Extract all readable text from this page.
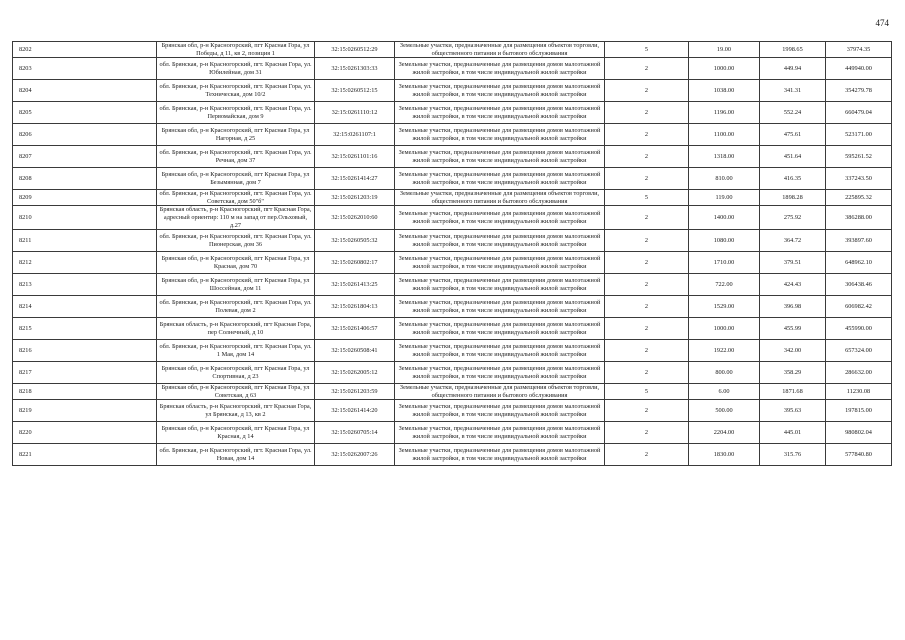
474
8202	Брянская обл, р-н Красногорский, пгт Красная Гора, ул Победы, д 11, кв 2, позиция 1	32:15:0260512:29	Земельные участки, предназначенные для размещения объектов торговли, общественного питания и бытового обслуживания	5	19.00	1998.65	37974.35
8203	обл. Брянская, р-н Красногорский, пгт. Красная Гора, ул. Юбилейная, дом 31	32:15:0261303:33	Земельные участки, предназначенные для размещения домов малоэтажной жилой застройки, в том числе индивидуальной жилой застройки	2	1000.00	449.94	449940.00
8204	обл. Брянская, р-н Красногорский, пгт. Красная Гора, ул. Техническая, дом 10/2	32:15:0260512:15	Земельные участки, предназначенные для размещения домов малоэтажной жилой застройки, в том числе индивидуальной жилой застройки	2	1038.00	341.31	354279.78
8205	обл. Брянская, р-н Красногорский, пгт. Красная Гора, ул. Первомайская, дом 9	32:15:0261110:12	Земельные участки, предназначенные для размещения домов малоэтажной жилой застройки, в том числе индивидуальной жилой застройки	2	1196.00	552.24	660479.04
8206	Брянская обл, р-н Красногорский, пгт Красная Гора, ул Нагорная, д 25	32:15:0261107:1	Земельные участки, предназначенные для размещения домов малоэтажной жилой застройки, в том числе индивидуальной жилой застройки	2	1100.00	475.61	523171.00
8207	обл. Брянская, р-н Красногорский, пгт. Красная Гора, ул. Речная, дом 37	32:15:0261101:16	Земельные участки, предназначенные для размещения домов малоэтажной жилой застройки, в том числе индивидуальной жилой застройки	2	1318.00	451.64	595261.52
8208	Брянская обл, р-н Красногорский, пгт Красная Гора, ул Безымянная, дом 7	32:15:0261414:27	Земельные участки, предназначенные для размещения домов малоэтажной жилой застройки, в том числе индивидуальной жилой застройки	2	810.00	416.35	337243.50
8209	обл. Брянская, р-н Красногорский, пгт. Красная Гора, ул. Советская, дом 50"б"	32:15:0261203:19	Земельные участки, предназначенные для размещения объектов торговли, общественного питания и бытового обслуживания	5	119.00	1898.28	225895.32
8210	Брянская область, р-н Красногорский, пгт Красная Гора, адресный ориентир: 110 м на запад от пер.Ольховый, д.27	32:15:0262010:60	Земельные участки, предназначенные для размещения домов малоэтажной жилой застройки, в том числе индивидуальной жилой застройки	2	1400.00	275.92	386288.00
8211	обл. Брянская, р-н Красногорский, пгт. Красная Гора, ул. Пионерская, дом 36	32:15:0260505:32	Земельные участки, предназначенные для размещения домов малоэтажной жилой застройки, в том числе индивидуальной жилой застройки	2	1080.00	364.72	393897.60
8212	Брянская обл, р-н Красногорский, пгт Красная Гора, ул Красная, дом 70	32:15:0260802:17	Земельные участки, предназначенные для размещения домов малоэтажной жилой застройки, в том числе индивидуальной жилой застройки	2	1710.00	379.51	648962.10
8213	Брянская обл, р-н Красногорский, пгт Красная Гора, ул Шоссейная, дом 11	32:15:0261413:25	Земельные участки, предназначенные для размещения домов малоэтажной жилой застройки, в том числе индивидуальной жилой застройки	2	722.00	424.43	306438.46
8214	обл. Брянская, р-н Красногорский, пгт. Красная Гора, ул. Полевая, дом 2	32:15:0261804:13	Земельные участки, предназначенные для размещения домов малоэтажной жилой застройки, в том числе индивидуальной жилой застройки	2	1529.00	396.98	606982.42
8215	Брянская область, р-н Красногорский, пгт Красная Гора, пер Солнечный, д 10	32:15:0261406:57	Земельные участки, предназначенные для размещения домов малоэтажной жилой застройки, в том числе индивидуальной жилой застройки	2	1000.00	455.99	455990.00
8216	обл. Брянская, р-н Красногорский, пгт. Красная Гора, ул. 1 Мая, дом 14	32:15:0260508:41	Земельные участки, предназначенные для размещения домов малоэтажной жилой застройки, в том числе индивидуальной жилой застройки	2	1922.00	342.00	657324.00
8217	Брянская обл, р-н Красногорский, пгт Красная Гора, ул Спортивная, д 23	32:15:0262005:12	Земельные участки, предназначенные для размещения домов малоэтажной жилой застройки, в том числе индивидуальной жилой застройки	2	800.00	358.29	286632.00
8218	Брянская обл, р-н Красногорский, пгт Красная Гора, ул Советская, д 63	32:15:0261203:59	Земельные участки, предназначенные для размещения объектов торговли, общественного питания и бытового обслуживания	5	6.00	1871.68	11230.08
8219	Брянская область, р-н Красногорский, пгт Красная Гора, ул Брянская, д 13, кв 2	32:15:0261414:20	Земельные участки, предназначенные для размещения домов малоэтажной жилой застройки, в том числе индивидуальной жилой застройки	2	500.00	395.63	197815.00
8220	Брянская обл, р-н Красногорский, пгт Красная Гора, ул Красная, д 14	32:15:0260705:14	Земельные участки, предназначенные для размещения домов малоэтажной жилой застройки, в том числе индивидуальной жилой застройки	2	2204.00	445.01	980802.04
8221	обл. Брянская, р-н Красногорский, пгт. Красная Гора, ул. Новая, дом 14	32:15:0262007:26	Земельные участки, предназначенные для размещения домов малоэтажной жилой застройки, в том числе индивидуальной жилой застройки	2	1830.00	315.76	577840.80
